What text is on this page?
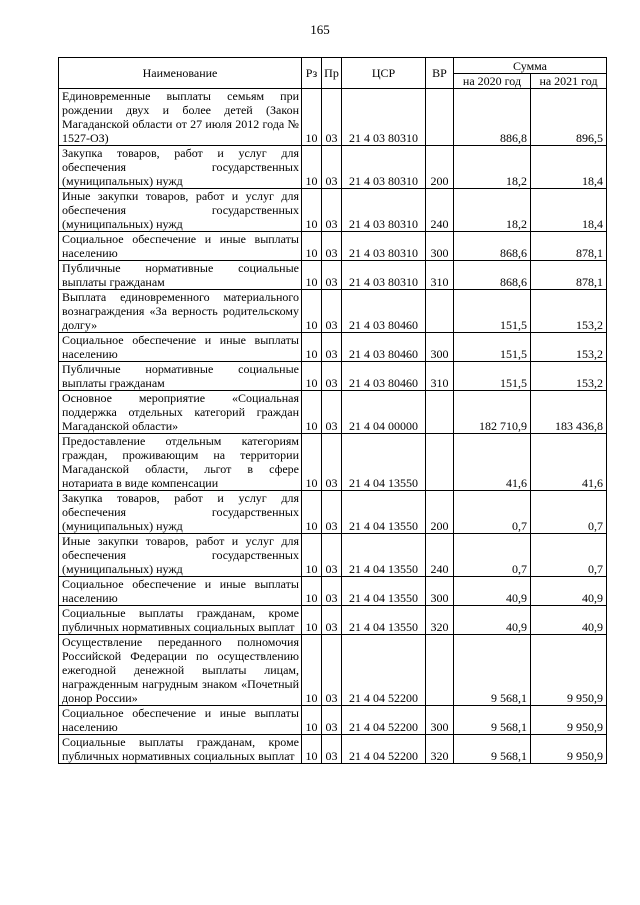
165
Наименование	Рз	Пр	ЦСР	ВР	Сумма	
					на 2020 год	на 2021 год
Единовременные выплаты семьям при рождении двух и более детей (Закон Магаданской области от 27 июля 2012 года № 1527-ОЗ)	10	03	21 4 03 80310		886,8	896,5
Закупка товаров, работ и услуг для обеспечения государственных (муниципальных) нужд	10	03	21 4 03 80310	200	18,2	18,4
Иные закупки товаров, работ и услуг для обеспечения государственных (муниципальных) нужд	10	03	21 4 03 80310	240	18,2	18,4
Социальное обеспечение и иные выплаты населению	10	03	21 4 03 80310	300	868,6	878,1
Публичные нормативные социальные выплаты гражданам	10	03	21 4 03 80310	310	868,6	878,1
Выплата единовременного материального вознаграждения «За верность родительскому долгу»	10	03	21 4 03 80460		151,5	153,2
Социальное обеспечение и иные выплаты населению	10	03	21 4 03 80460	300	151,5	153,2
Публичные нормативные социальные выплаты гражданам	10	03	21 4 03 80460	310	151,5	153,2
Основное мероприятие «Социальная поддержка отдельных категорий граждан Магаданской области»	10	03	21 4 04 00000		182 710,9	183 436,8
Предоставление отдельным категориям граждан, проживающим на территории Магаданской области, льгот в сфере нотариата в виде компенсации	10	03	21 4 04 13550		41,6	41,6
Закупка товаров, работ и услуг для обеспечения государственных (муниципальных) нужд	10	03	21 4 04 13550	200	0,7	0,7
Иные закупки товаров, работ и услуг для обеспечения государственных (муниципальных) нужд	10	03	21 4 04 13550	240	0,7	0,7
Социальное обеспечение и иные выплаты населению	10	03	21 4 04 13550	300	40,9	40,9
Социальные выплаты гражданам, кроме публичных нормативных социальных выплат	10	03	21 4 04 13550	320	40,9	40,9
Осуществление переданного полномочия Российской Федерации по осуществлению ежегодной денежной выплаты лицам, награжденным нагрудным знаком «Почетный донор России»	10	03	21 4 04 52200		9 568,1	9 950,9
Социальное обеспечение и иные выплаты населению	10	03	21 4 04 52200	300	9 568,1	9 950,9
Социальные выплаты гражданам, кроме публичных нормативных социальных выплат	10	03	21 4 04 52200	320	9 568,1	9 950,9
